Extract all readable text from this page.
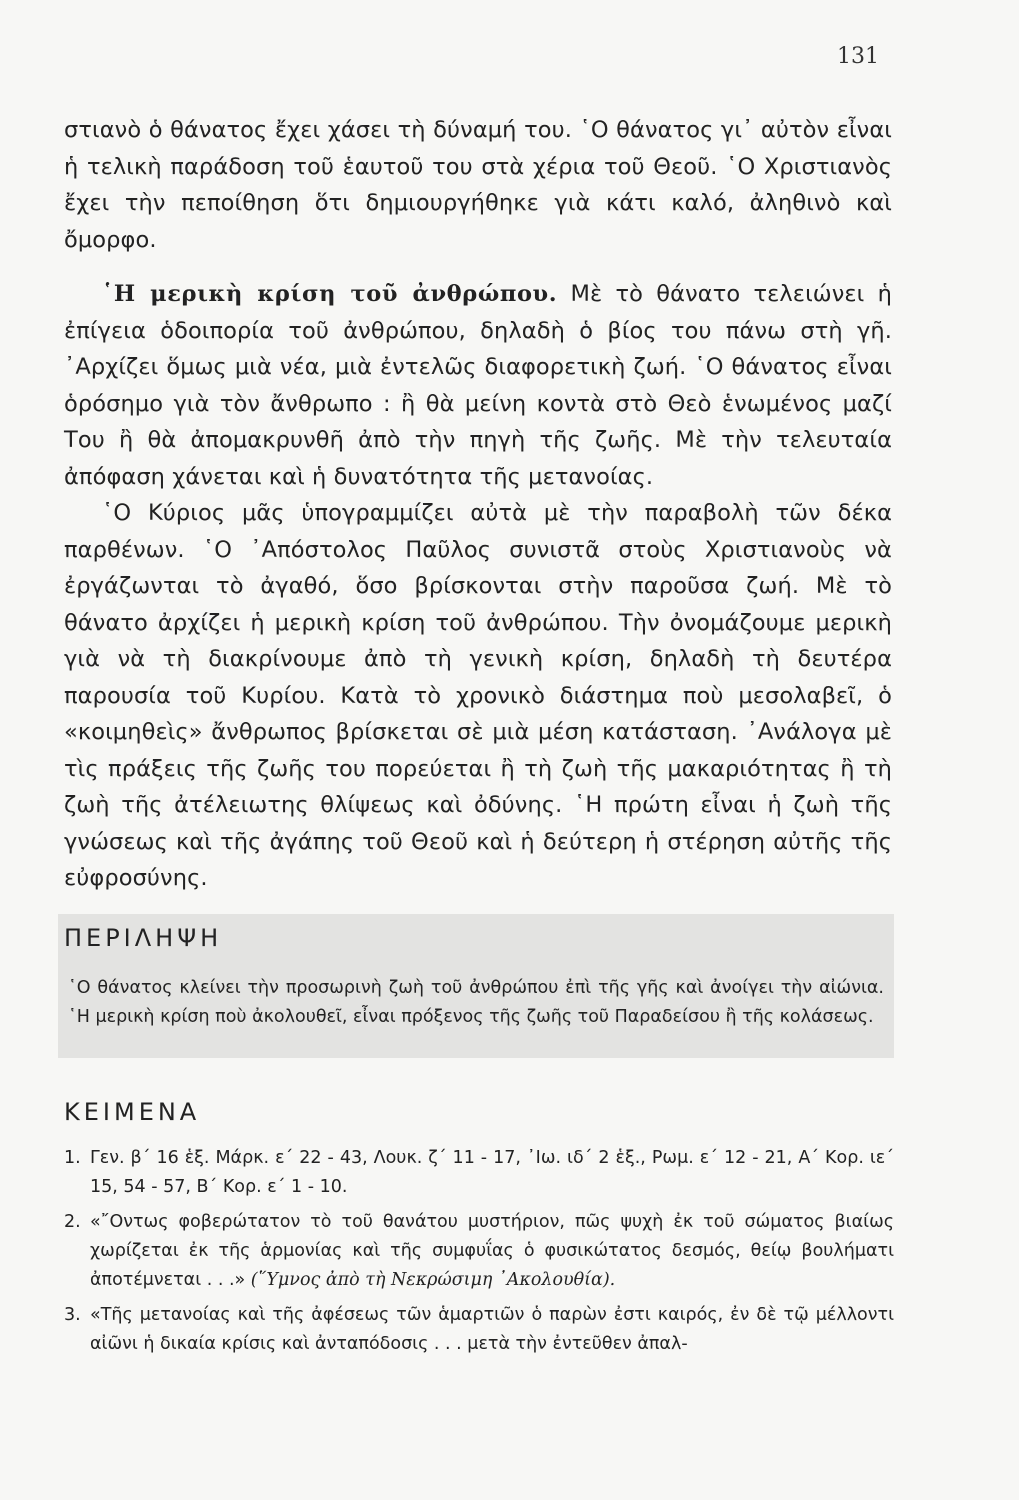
131

στιανὸ ὁ θάνατος ἔχει χάσει τὴ δύναμή του. ῾Ο θάνατος γι᾽ αὐτὸν εἶναι ἡ τελικὴ παράδοση τοῦ ἑαυτοῦ του στὰ χέρια τοῦ Θεοῦ. ῾Ο Χριστιανὸς ἔχει τὴν πεποίθηση ὅτι δημιουργήθηκε γιὰ κάτι καλό, ἀληθινὸ καὶ ὄμορφο.

῾Η μερικὴ κρίση τοῦ ἀνθρώπου. Μὲ τὸ θάνατο τελειώνει ἡ ἐπίγεια ὁδοιπορία τοῦ ἀνθρώπου, δηλαδὴ ὁ βίος του πάνω στὴ γῆ. ᾽Αρχίζει ὅμως μιὰ νέα, μιὰ ἐντελῶς διαφορετικὴ ζωή. ῾Ο θάνατος εἶναι ὁρόσημο γιὰ τὸν ἄνθρωπο : ἢ θὰ μείνη κοντὰ στὸ Θεὸ ἑνωμένος μαζί Του ἢ θὰ ἀπομακρυνθῆ ἀπὸ τὴν πηγὴ τῆς ζωῆς. Μὲ τὴν τελευταία ἀπόφαση χάνεται καὶ ἡ δυνατότητα τῆς μετανοίας.

῾Ο Κύριος μᾶς ὑπογραμμίζει αὐτὰ μὲ τὴν παραβολὴ τῶν δέκα παρθένων. ῾Ο ᾽Απόστολος Παῦλος συνιστᾶ στοὺς Χριστιανοὺς νὰ ἐργάζωνται τὸ ἀγαθό, ὅσο βρίσκονται στὴν παροῦσα ζωή. Μὲ τὸ θάνατο ἀρχίζει ἡ μερικὴ κρίση τοῦ ἀνθρώπου. Τὴν ὀνομάζουμε μερικὴ γιὰ νὰ τὴ διακρίνουμε ἀπὸ τὴ γενικὴ κρίση, δηλαδὴ τὴ δευτέρα παρουσία τοῦ Κυρίου. Κατὰ τὸ χρονικὸ διάστημα ποὺ μεσολαβεῖ, ὁ «κοιμηθεὶς» ἄνθρωπος βρίσκεται σὲ μιὰ μέση κατάσταση. ᾽Ανάλογα μὲ τὶς πράξεις τῆς ζωῆς του πορεύεται ἢ τὴ ζωὴ τῆς μακαριότητας ἢ τὴ ζωὴ τῆς ἀτέλειωτης θλίψεως καὶ ὀδύνης. ῾Η πρώτη εἶναι ἡ ζωὴ τῆς γνώσεως καὶ τῆς ἀγάπης τοῦ Θεοῦ καὶ ἡ δεύτερη ἡ στέρηση αὐτῆς τῆς εὐφροσύνης.

ΠΕΡΙΛΗΨΗ
῾Ο θάνατος κλείνει τὴν προσωρινὴ ζωὴ τοῦ ἀνθρώπου ἐπὶ τῆς γῆς καὶ ἀνοίγει τὴν αἰώνια. ῾Η μερικὴ κρίση ποὺ ἀκολουθεῖ, εἶναι πρόξενος τῆς ζωῆς τοῦ Παραδείσου ἢ τῆς κολάσεως.
ΚΕΙΜΕΝΑ
1. Γεν. β΄ 16 ἑξ. Μάρκ. ε΄ 22 - 43, Λουκ. ζ΄ 11 - 17, ᾽Ιω. ιδ΄ 2 ἑξ., Ρωμ. ε΄ 12 - 21, Α΄ Κορ. ιε΄ 15, 54 - 57, Β΄ Κορ. ε΄ 1 - 10.
2. «῎Οντως φοβερώτατον τὸ τοῦ θανάτου μυστήριον, πῶς ψυχὴ ἐκ τοῦ σώματος βιαίως χωρίζεται ἐκ τῆς ἁρμονίας καὶ τῆς συμφυΐας ὁ φυσικώτατος δεσμός, θείῳ βουλήματι ἀποτέμνεται . . .» (῞Υμνος ἀπὸ τὴ Νεκρώσιμη ᾽Ακολουθία).
3. «Τῆς μετανοίας καὶ τῆς ἀφέσεως τῶν ἁμαρτιῶν ὁ παρὼν ἐστι καιρός, ἐν δὲ τῷ μέλλοντι αἰῶνι ἡ δικαία κρίσις καὶ ἀνταπόδοσις . . . μετὰ τὴν ἐντεῦθεν ἀπαλ-
